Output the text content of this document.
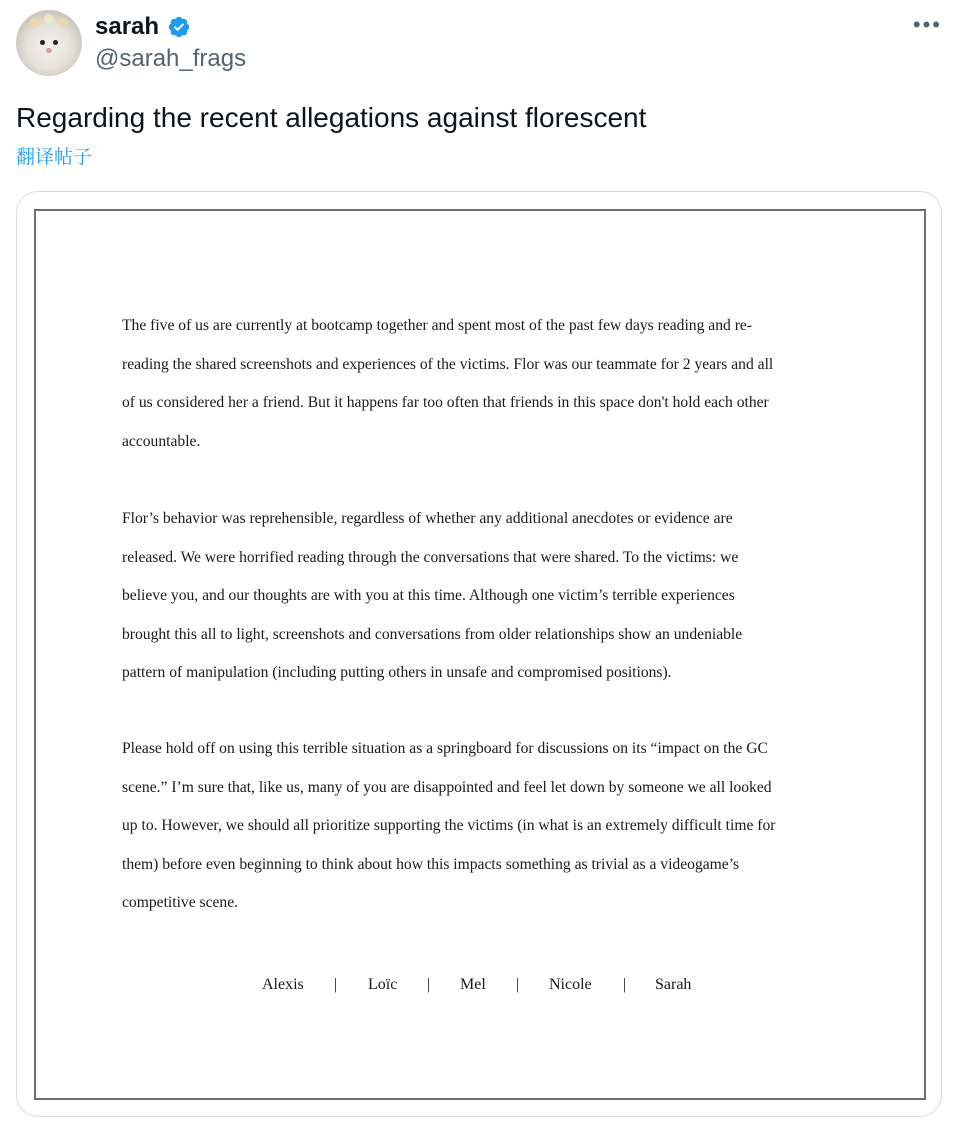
sarah
@sarah_frags
•••
Regarding the recent allegations against florescent
翻译帖子
The five of us are currently at bootcamp together and spent most of the past few days reading and re-
reading the shared screenshots and experiences of the victims. Flor was our teammate for 2 years and all
of us considered her a friend. But it happens far too often that friends in this space don't hold each other
accountable.
Flor’s behavior was reprehensible, regardless of whether any additional anecdotes or evidence are
released. We were horrified reading through the conversations that were shared. To the victims: we
believe you, and our thoughts are with you at this time. Although one victim’s terrible experiences
brought this all to light, screenshots and conversations from older relationships show an undeniable
pattern of manipulation (including putting others in unsafe and compromised positions).
Please hold off on using this terrible situation as a springboard for discussions on its “impact on the GC
scene.” I’m sure that, like us, many of you are disappointed and feel let down by someone we all looked
up to. However, we should all prioritize supporting the victims (in what is an extremely difficult time for
them) before even beginning to think about how this impacts something as trivial as a videogame’s
competitive scene.
Alexis | Loïc | Mel | Nicole | Sarah
